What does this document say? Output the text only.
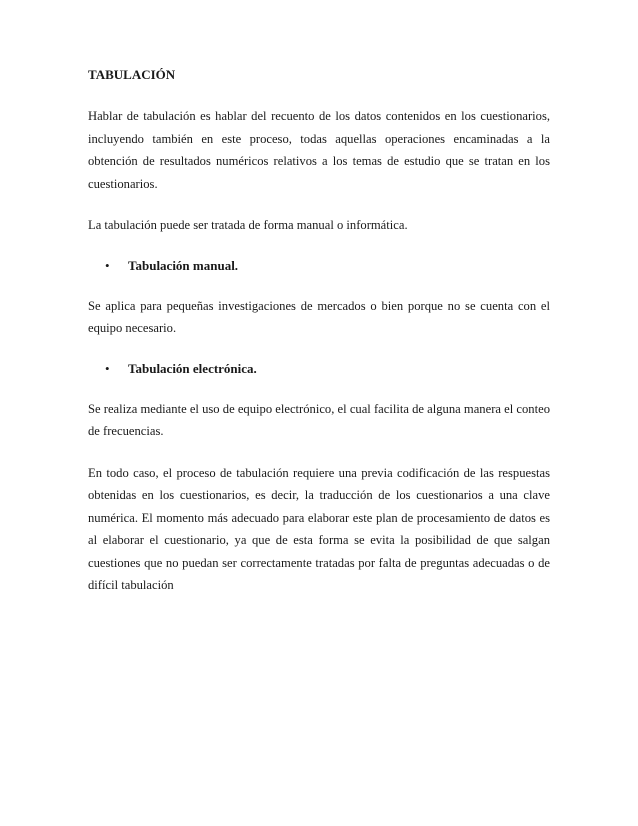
TABULACIÓN

Hablar de tabulación es hablar del recuento de los datos contenidos en los cuestionarios, incluyendo también en este proceso, todas aquellas operaciones encaminadas a la obtención de resultados numéricos relativos a los temas de estudio que se tratan en los cuestionarios.

La tabulación puede ser tratada de forma manual o informática.

• Tabulación manual.

Se aplica para pequeñas investigaciones de mercados o bien porque no se cuenta con el equipo necesario.

• Tabulación electrónica.

Se realiza mediante el uso de equipo electrónico, el cual facilita de alguna manera el conteo de frecuencias.

En todo caso, el proceso de tabulación requiere una previa codificación de las respuestas obtenidas en los cuestionarios, es decir, la traducción de los cuestionarios a una clave numérica. El momento más adecuado para elaborar este plan de procesamiento de datos es al elaborar el cuestionario, ya que de esta forma se evita la posibilidad de que salgan cuestiones que no puedan ser correctamente tratadas por falta de preguntas adecuadas o de difícil tabulación
